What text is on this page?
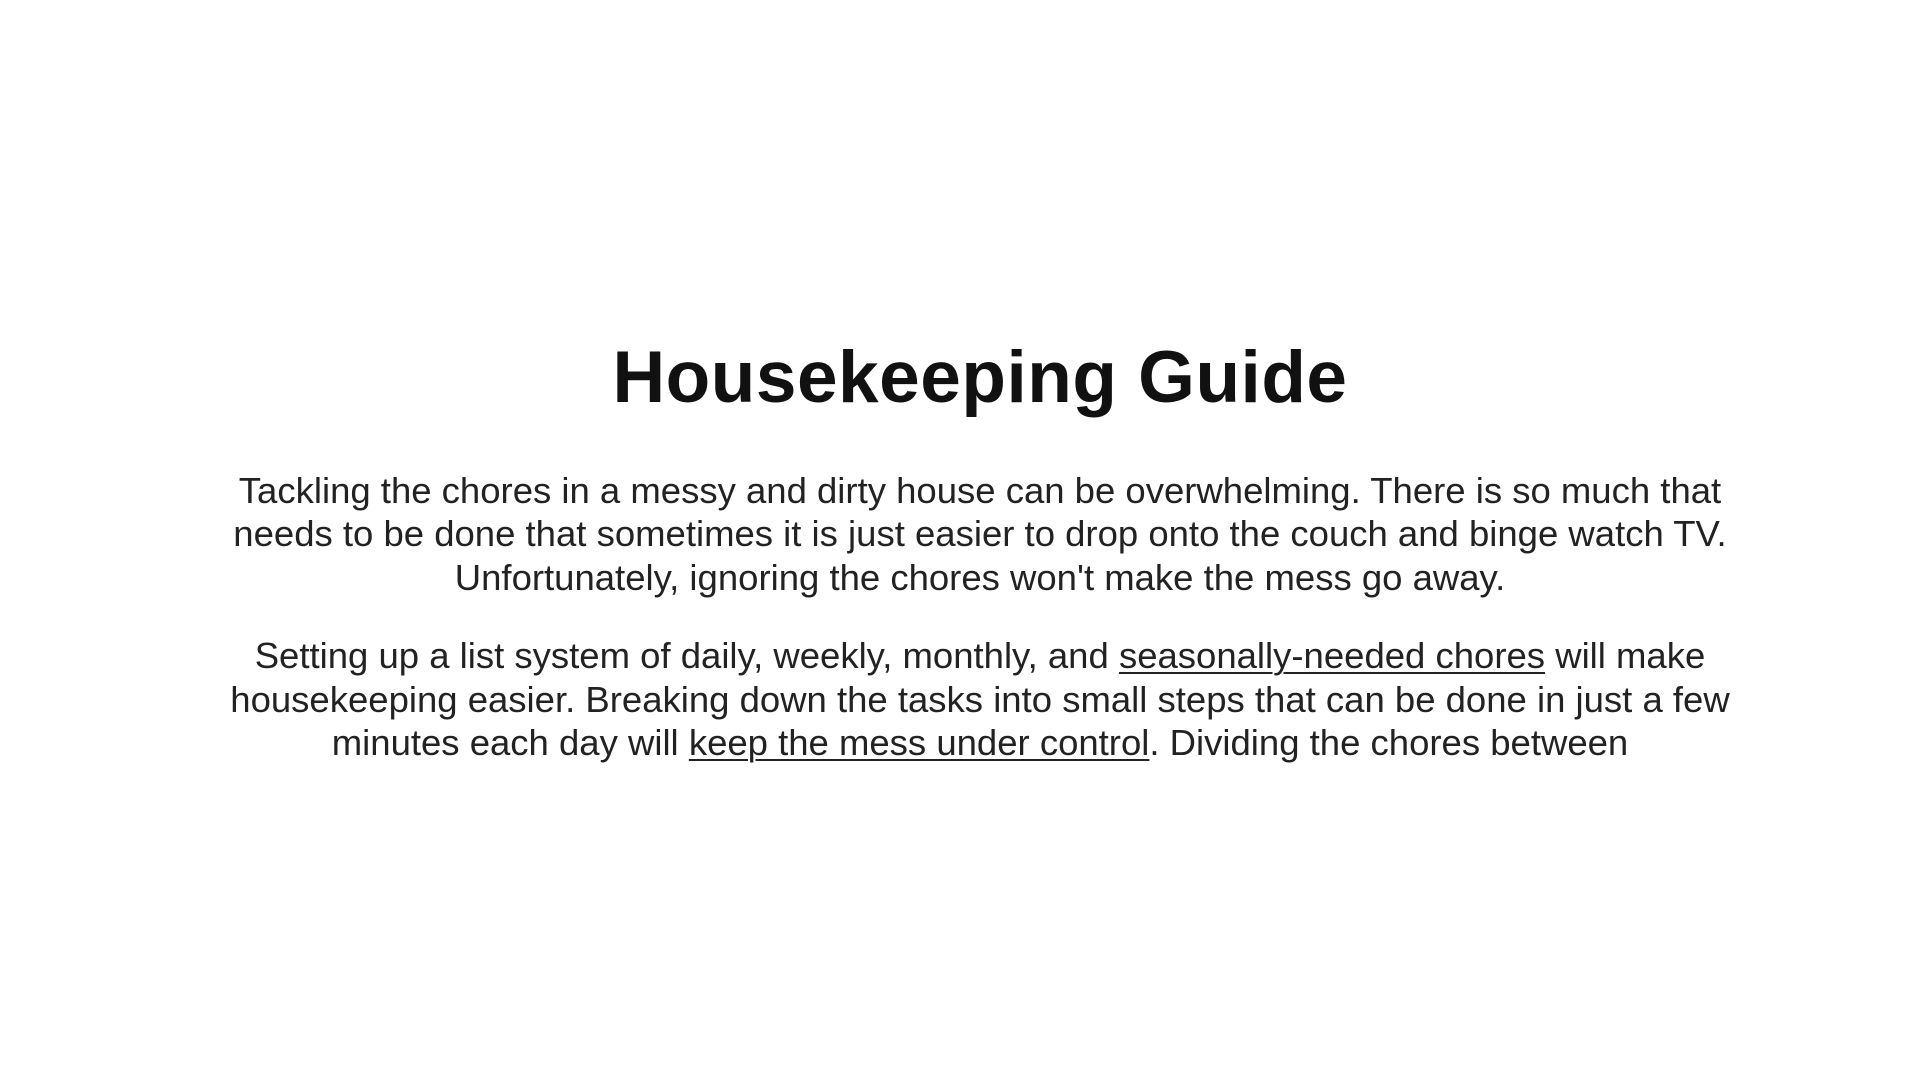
Housekeeping Guide

Tackling the chores in a messy and dirty house can be overwhelming. There is so much that needs to be done that sometimes it is just easier to drop onto the couch and binge watch TV. Unfortunately, ignoring the chores won't make the mess go away.

Setting up a list system of daily, weekly, monthly, and seasonally-needed chores will make housekeeping easier. Breaking down the tasks into small steps that can be done in just a few minutes each day will keep the mess under control. Dividing the chores between
